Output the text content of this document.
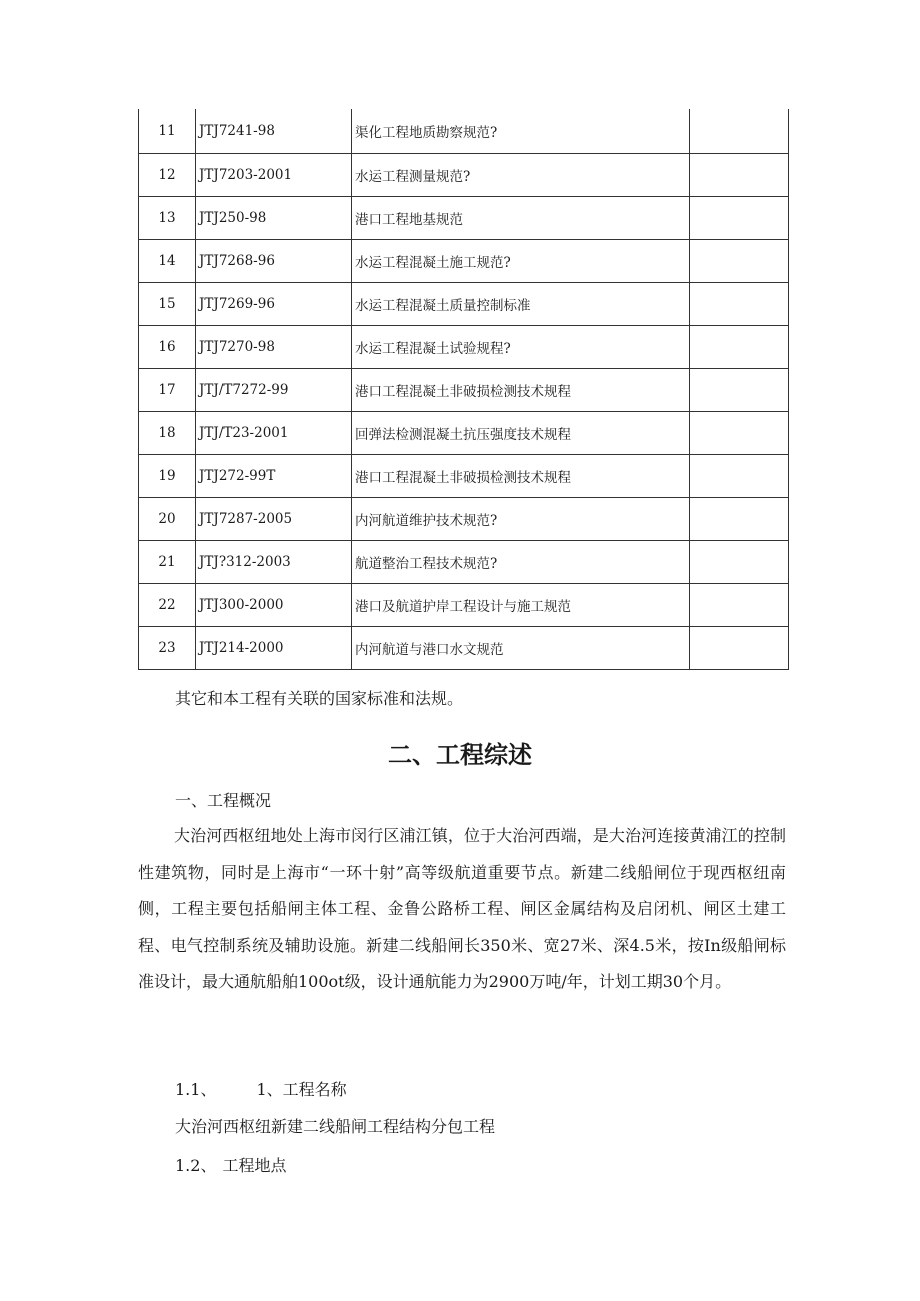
11	JTJ7241-98	渠化工程地质勘察规范?	
12	JTJ7203-2001	水运工程测量规范?	
13	JTJ250-98	港口工程地基规范	
14	JTJ7268-96	水运工程混凝土施工规范?	
15	JTJ7269-96	水运工程混凝土质量控制标准	
16	JTJ7270-98	水运工程混凝土试验规程?	
17	JTJ/T7272-99	港口工程混凝土非破损检测技术规程	
18	JTJ/T23-2001	回弹法检测混凝土抗压强度技术规程	
19	JTJ272-99T	港口工程混凝土非破损检测技术规程	
20	JTJ7287-2005	内河航道维护技术规范?	
21	JTJ?312-2003	航道整治工程技术规范?	
22	JTJ300-2000	港口及航道护岸工程设计与施工规范	
23	JTJ214-2000	内河航道与港口水文规范	
其它和本工程有关联的国家标准和法规。
二、工程综述
一、工程概况
大治河西枢纽地处上海市闵行区浦江镇，位于大治河西端，是大治河连接黄浦江的控制性建筑物，同时是上海市“一环十射”高等级航道重要节点。新建二线船闸位于现西枢纽南侧，工程主要包括船闸主体工程、金鲁公路桥工程、闸区金属结构及启闭机、闸区土建工程、电气控制系统及辅助设施。新建二线船闸长350米、宽27米、深4.5米，按In级船闸标准设计，最大通航船舶100ot级，设计通航能力为2900万吨/年，计划工期30个月。
1.1、	1、工程名称
大治河西枢纽新建二线船闸工程结构分包工程
1.2、 工程地点
